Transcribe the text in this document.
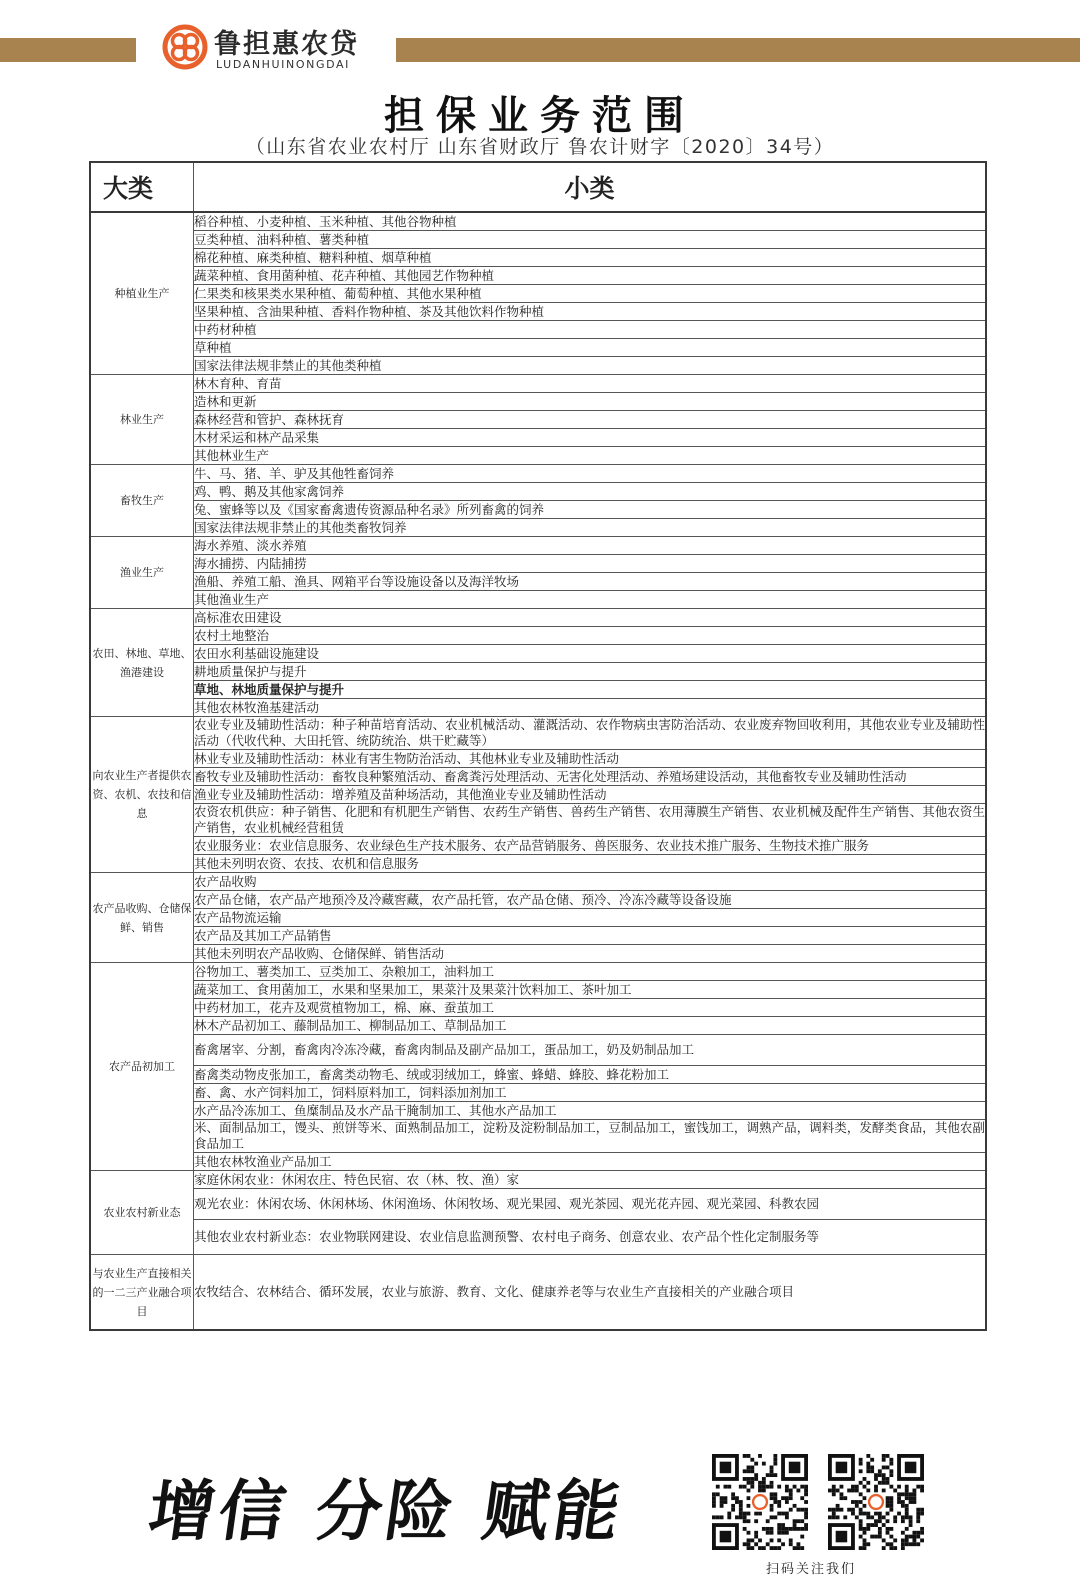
鲁担惠农贷
LUDANHUINONGDAI
担保业务范围
（山东省农业农村厅 山东省财政厅 鲁农计财字〔2020〕34号）
大类	小类
种植业生产	稻谷种植、小麦种植、玉米种植、其他谷物种植
	豆类种植、油料种植、薯类种植
	棉花种植、麻类种植、糖料种植、烟草种植
	蔬菜种植、食用菌种植、花卉种植、其他园艺作物种植
	仁果类和核果类水果种植、葡萄种植、其他水果种植
	坚果种植、含油果种植、香料作物种植、茶及其他饮料作物种植
	中药材种植
	草种植
	国家法律法规非禁止的其他类种植
林业生产	林木育种、育苗
	造林和更新
	森林经营和管护、森林抚育
	木材采运和林产品采集
	其他林业生产
畜牧生产	牛、马、猪、羊、驴及其他牲畜饲养
	鸡、鸭、鹅及其他家禽饲养
	兔、蜜蜂等以及《国家畜禽遗传资源品种名录》所列畜禽的饲养
	国家法律法规非禁止的其他类畜牧饲养
渔业生产	海水养殖、淡水养殖
	海水捕捞、内陆捕捞
	渔船、养殖工船、渔具、网箱平台等设施设备以及海洋牧场
	其他渔业生产
农田、林地、草地、渔港建设	高标准农田建设
	农村土地整治
	农田水利基础设施建设
	耕地质量保护与提升
	草地、林地质量保护与提升
	其他农林牧渔基建活动
向农业生产者提供农资、农机、农技和信息	农业专业及辅助性活动：种子种苗培育活动、农业机械活动、灌溉活动、农作物病虫害防治活动、农业废弃物回收利用，其他农业专业及辅助性活动（代收代种、大田托管、统防统治、烘干贮藏等）
	林业专业及辅助性活动：林业有害生物防治活动、其他林业专业及辅助性活动
	畜牧专业及辅助性活动：畜牧良种繁殖活动、畜禽粪污处理活动、无害化处理活动、养殖场建设活动，其他畜牧专业及辅助性活动
	渔业专业及辅助性活动：增养殖及苗种场活动，其他渔业专业及辅助性活动
	农资农机供应：种子销售、化肥和有机肥生产销售、农药生产销售、兽药生产销售、农用薄膜生产销售、农业机械及配件生产销售、其他农资生产销售，农业机械经营租赁
	农业服务业：农业信息服务、农业绿色生产技术服务、农产品营销服务、兽医服务、农业技术推广服务、生物技术推广服务
	其他未列明农资、农技、农机和信息服务
农产品收购、仓储保鲜、销售	农产品收购
	农产品仓储，农产品产地预冷及冷藏窖藏，农产品托管，农产品仓储、预冷、冷冻冷藏等设备设施
	农产品物流运输
	农产品及其加工产品销售
	其他未列明农产品收购、仓储保鲜、销售活动
农产品初加工	谷物加工、薯类加工、豆类加工、杂粮加工，油料加工
	蔬菜加工、食用菌加工，水果和坚果加工，果菜汁及果菜汁饮料加工、茶叶加工
	中药材加工，花卉及观赏植物加工，棉、麻、蚕茧加工
	林木产品初加工、藤制品加工、柳制品加工、草制品加工
	畜禽屠宰、分割，畜禽肉冷冻冷藏，畜禽肉制品及副产品加工，蛋品加工，奶及奶制品加工
	畜禽类动物皮张加工，畜禽类动物毛、绒或羽绒加工，蜂蜜、蜂蜡、蜂胶、蜂花粉加工
	畜、禽、水产饲料加工，饲料原料加工，饲料添加剂加工
	水产品冷冻加工、鱼糜制品及水产品干腌制加工、其他水产品加工
	米、面制品加工，馒头、煎饼等米、面熟制品加工，淀粉及淀粉制品加工，豆制品加工，蜜饯加工，调熟产品，调料类，发酵类食品，其他农副食品加工
	其他农林牧渔业产品加工
农业农村新业态	家庭休闲农业：休闲农庄、特色民宿、农（林、牧、渔）家
	观光农业：休闲农场、休闲林场、休闲渔场、休闲牧场、观光果园、观光茶园、观光花卉园、观光菜园、科教农园
	其他农业农村新业态：农业物联网建设、农业信息监测预警、农村电子商务、创意农业、农产品个性化定制服务等
与农业生产直接相关的一二三产业融合项目	农牧结合、农林结合、循环发展，农业与旅游、教育、文化、健康养老等与农业生产直接相关的产业融合项目
增信 分险 赋能
扫码关注我们
